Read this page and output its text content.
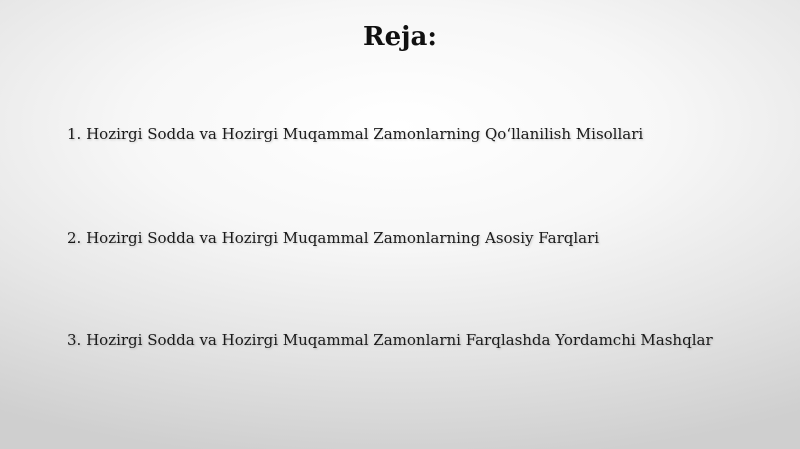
Reja:
1. Hozirgi Sodda va Hozirgi Muqammal Zamonlarning Qo‘llanilish Misollari
2. Hozirgi Sodda va Hozirgi Muqammal Zamonlarning Asosiy Farqlari
3. Hozirgi Sodda va Hozirgi Muqammal Zamonlarni Farqlashda Yordamchi Mashqlar
